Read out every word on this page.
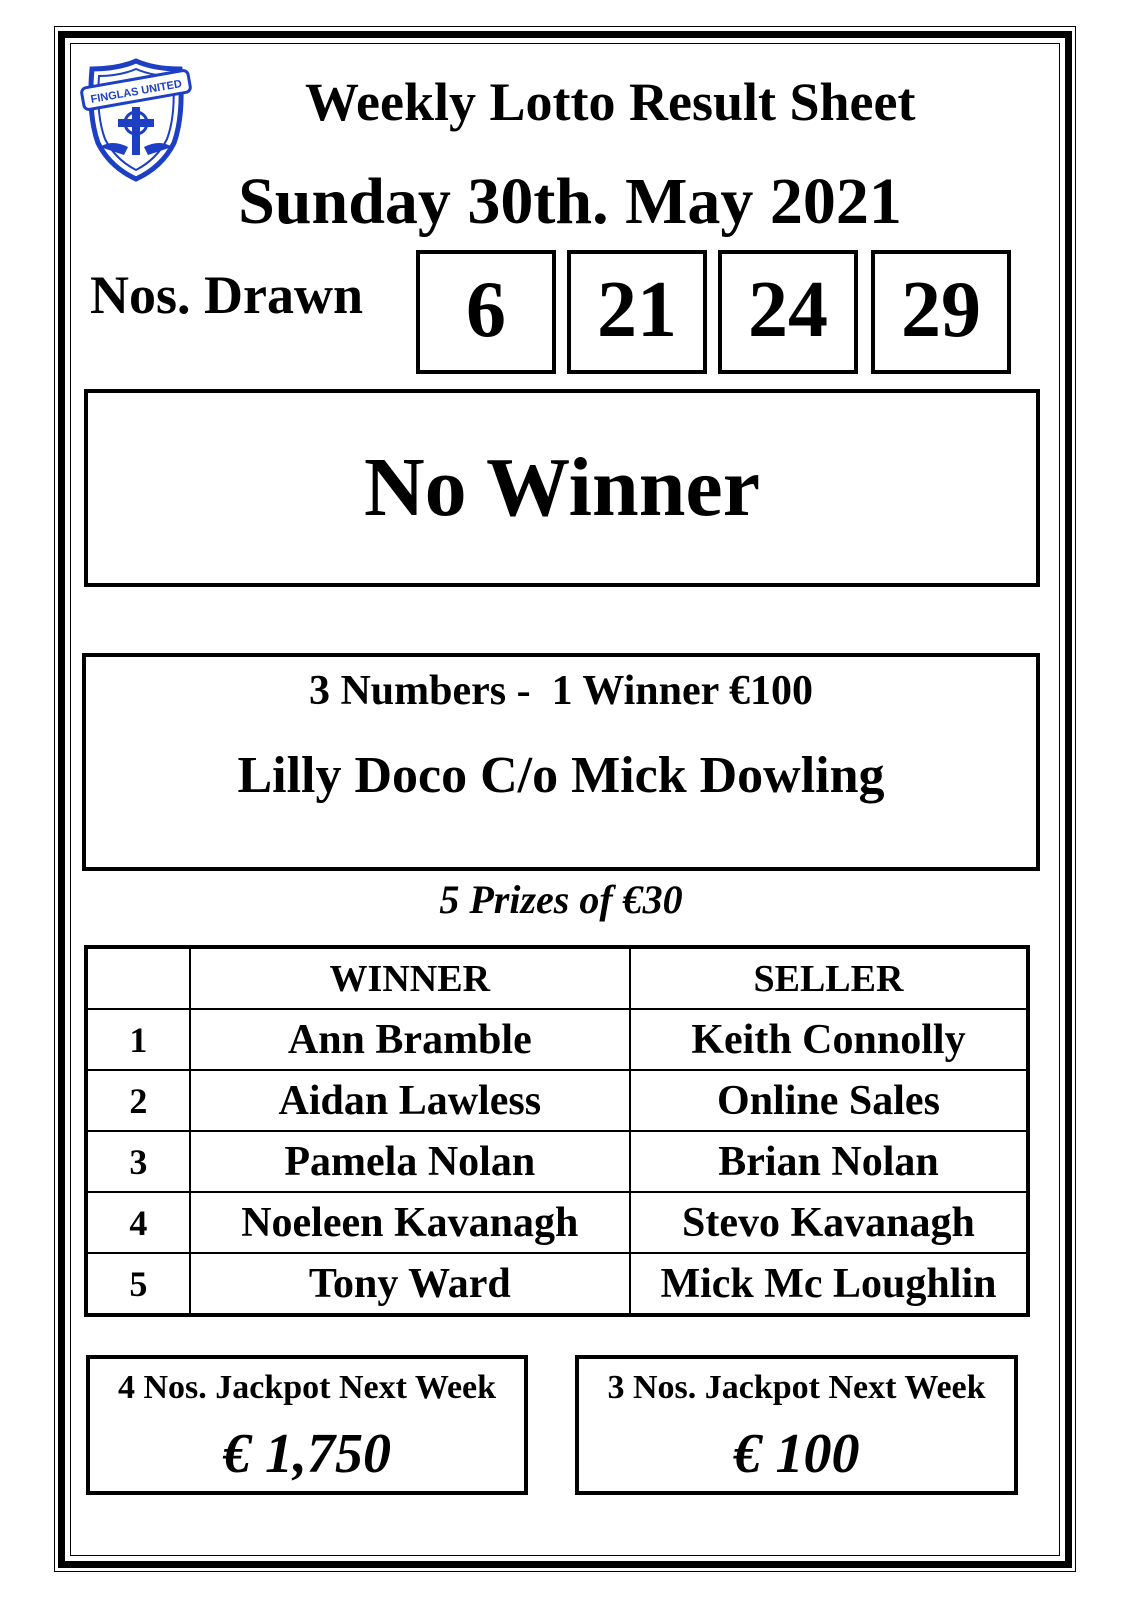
FINGLAS UNITED Weekly Lotto Result Sheet
Sunday 30th. May 2021
Nos. Drawn	6	21 24 29
No Winner
3 Numbers -  1 Winner €100
Lilly Doco C/o Mick Dowling
5 Prizes of €30
	WINNER	SELLER
1	Ann Bramble	Keith Connolly
2	Aidan Lawless	Online Sales
3	Pamela Nolan	Brian Nolan
4	Noeleen Kavanagh	Stevo Kavanagh
5	Tony Ward	Mick Mc Loughlin
4 Nos. Jackpot Next Week
€ 1,750
3 Nos. Jackpot Next Week
€ 100
